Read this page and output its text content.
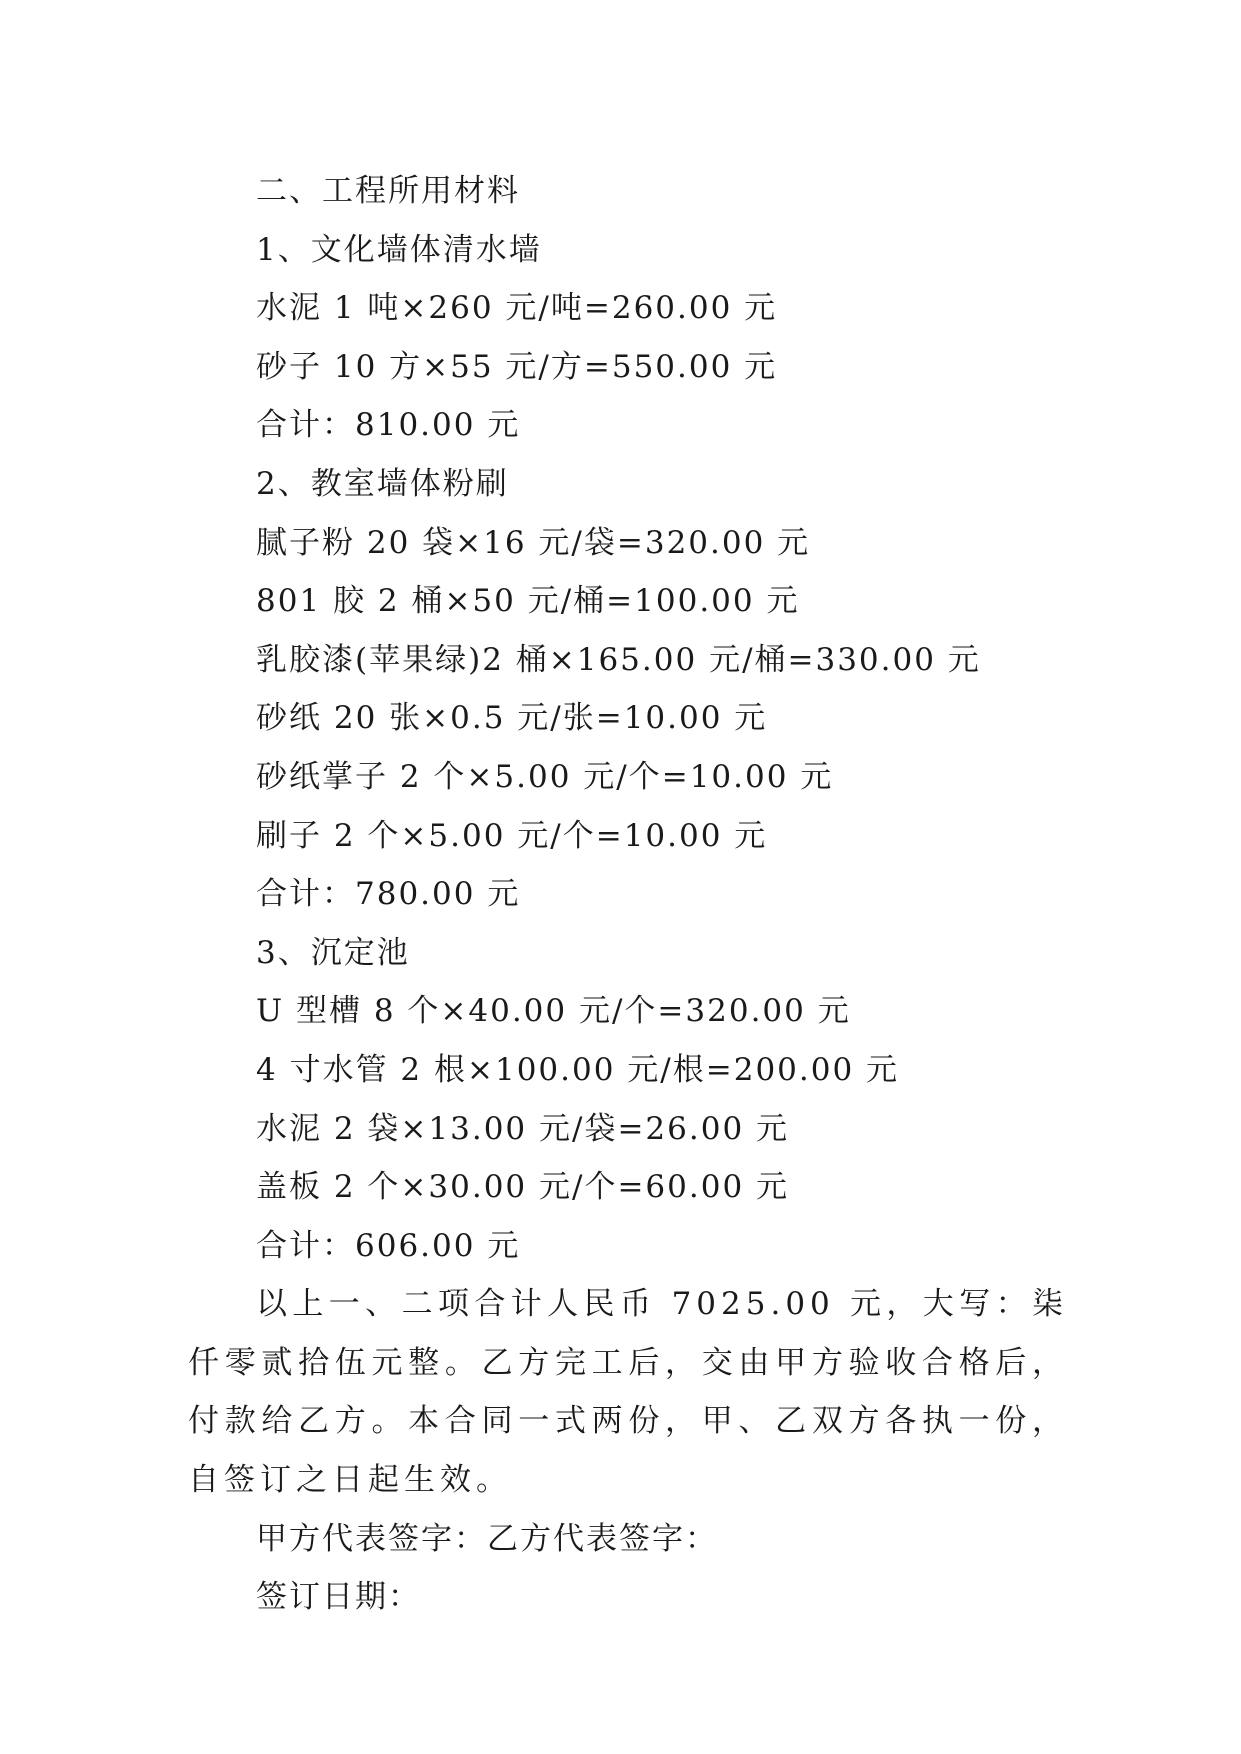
二、工程所用材料
1、文化墙体清水墙
水泥 1 吨×260 元/吨=260.00 元
砂子 10 方×55 元/方=550.00 元
合计：810.00 元
2、教室墙体粉刷
腻子粉 20 袋×16 元/袋=320.00 元
801 胶 2 桶×50 元/桶=100.00 元
乳胶漆(苹果绿)2 桶×165.00 元/桶=330.00 元
砂纸 20 张×0.5 元/张=10.00 元
砂纸掌子 2 个×5.00 元/个=10.00 元
刷子 2 个×5.00 元/个=10.00 元
合计：780.00 元
3、沉定池
U 型槽 8 个×40.00 元/个=320.00 元
4 寸水管 2 根×100.00 元/根=200.00 元
水泥 2 袋×13.00 元/袋=26.00 元
盖板 2 个×30.00 元/个=60.00 元
合计：606.00 元
以上一、二项合计人民币 7025.00 元，大写：柒仟零贰拾伍元整。乙方完工后，交由甲方验收合格后，付款给乙方。本合同一式两份，甲、乙双方各执一份，自签订之日起生效。
甲方代表签字：乙方代表签字：
签订日期：
